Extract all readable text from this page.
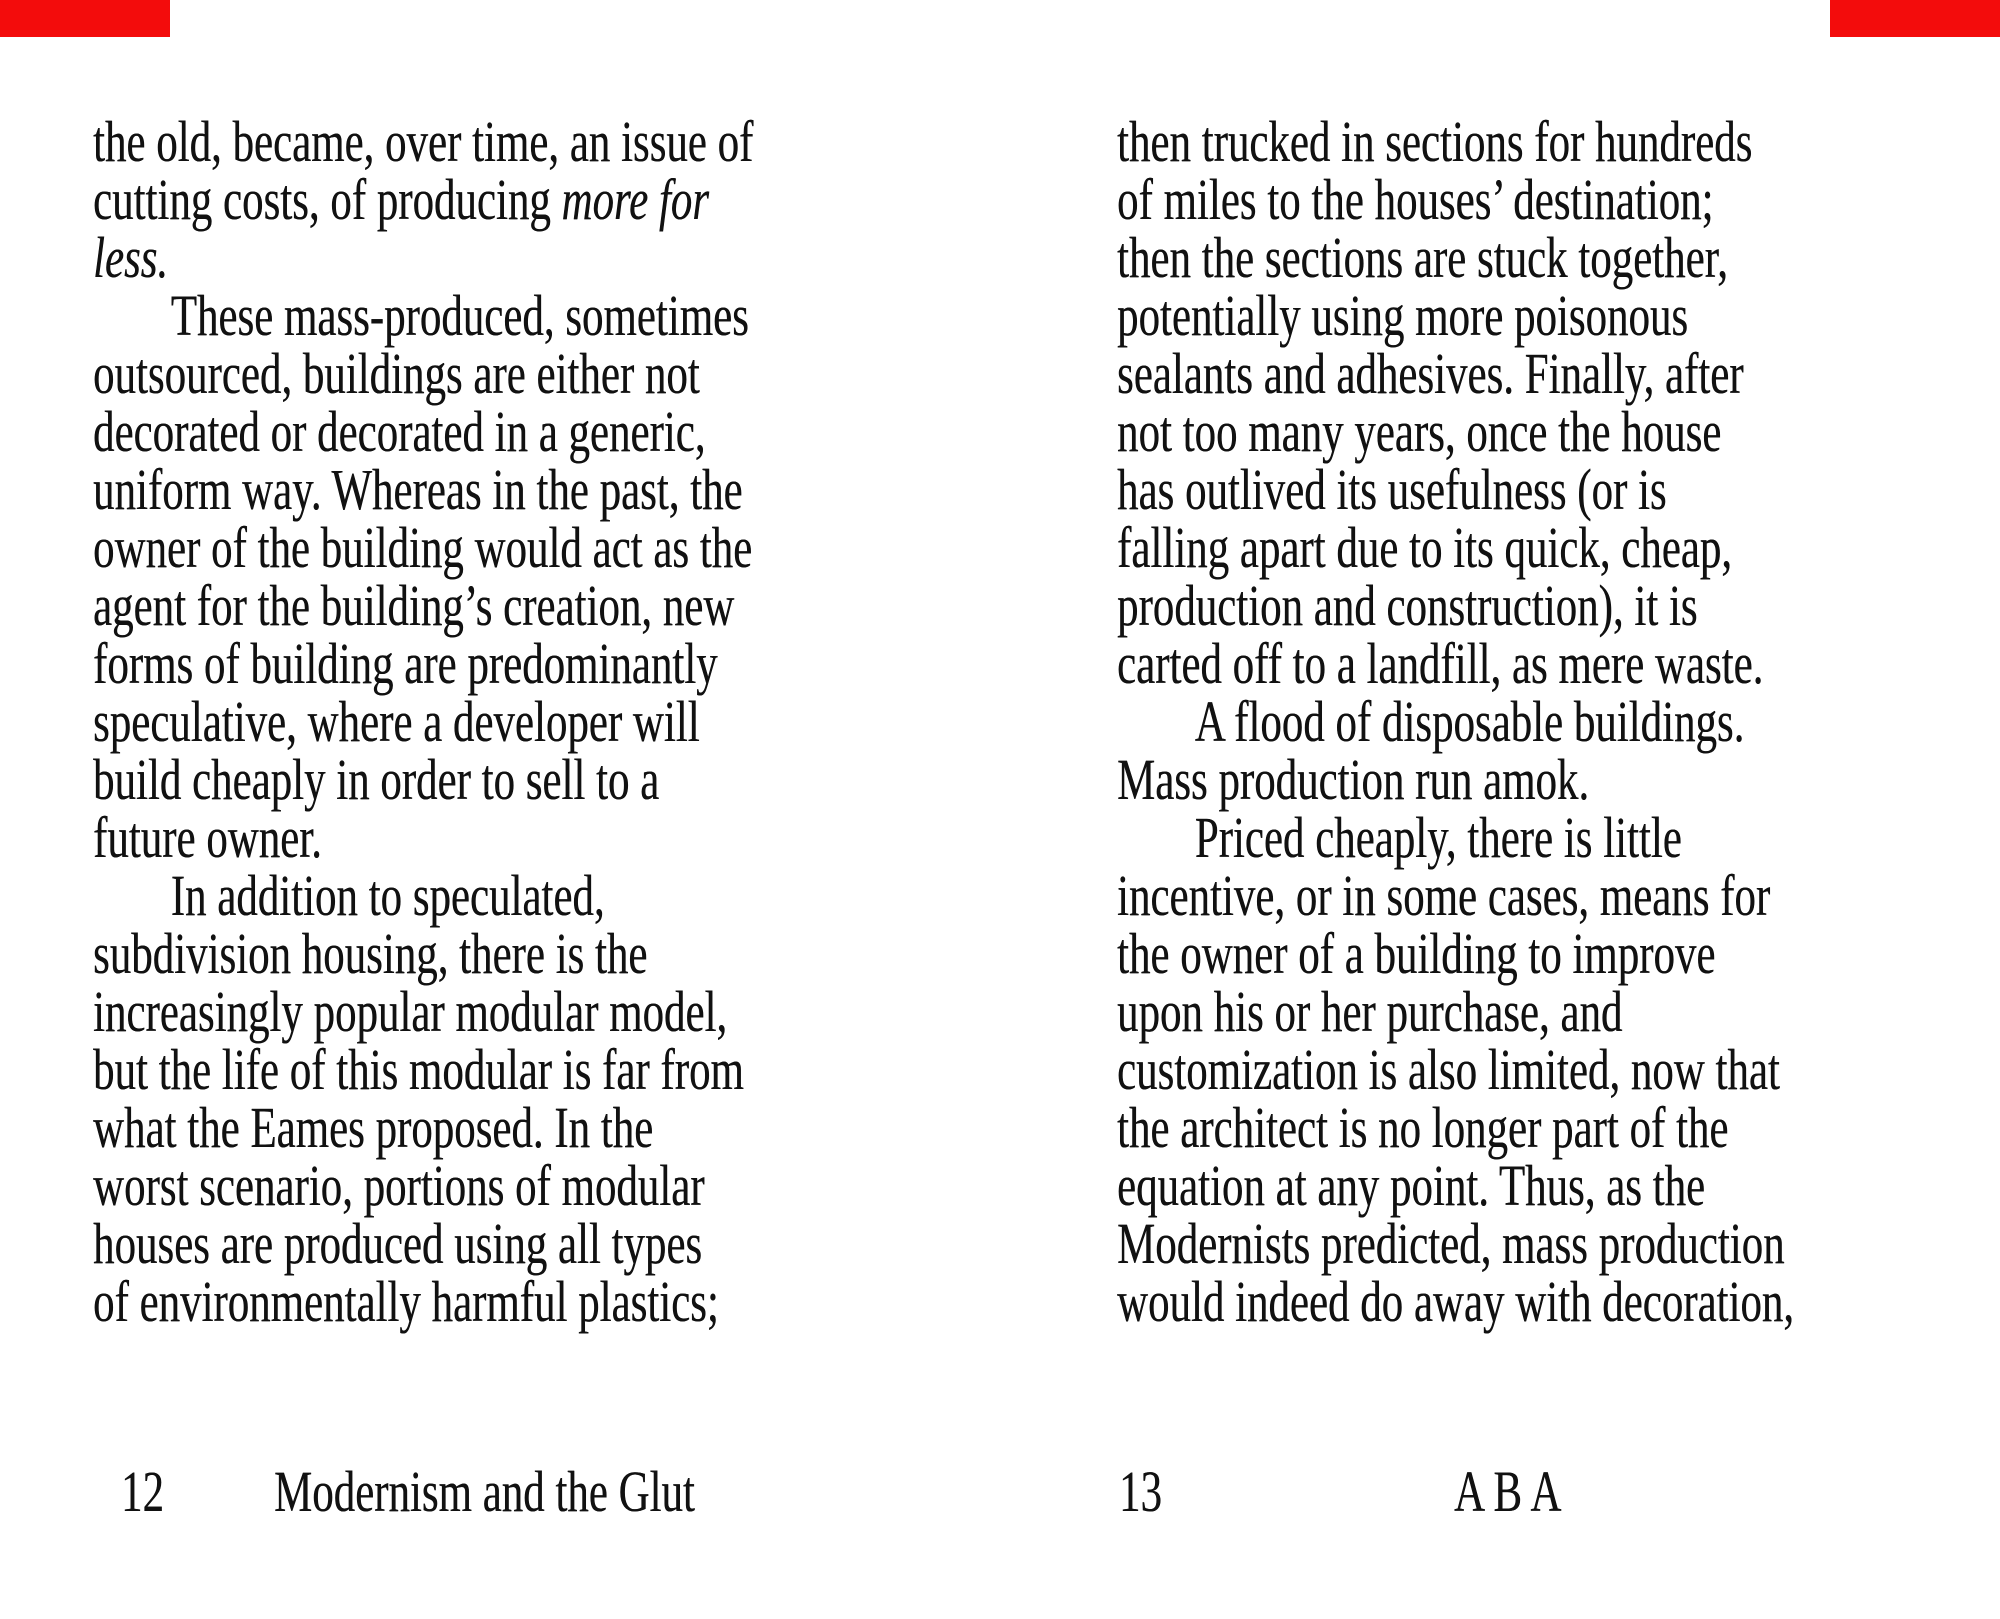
the old, became, over time, an issue of
cutting costs, of producing more for
less.
These mass-produced, sometimes
outsourced, buildings are either not
decorated or decorated in a generic,
uniform way. Whereas in the past, the
owner of the building would act as the
agent for the building’s creation, new
forms of building are predominantly
speculative, where a developer will
build cheaply in order to sell to a
future owner.
In addition to speculated,
subdivision housing, there is the
increasingly popular modular model,
but the life of this modular is far from
what the Eames proposed. In the
worst scenario, portions of modular
houses are produced using all types
of environmentally harmful plastics;
then trucked in sections for hundreds
of miles to the houses’ destination;
then the sections are stuck together,
potentially using more poisonous
sealants and adhesives. Finally, after
not too many years, once the house
has outlived its usefulness (or is
falling apart due to its quick, cheap,
production and construction), it is
carted off to a landfill, as mere waste.
A flood of disposable buildings.
Mass production run amok.
Priced cheaply, there is little
incentive, or in some cases, means for
the owner of a building to improve
upon his or her purchase, and
customization is also limited, now that
the architect is no longer part of the
equation at any point. Thus, as the
Modernists predicted, mass production
would indeed do away with decoration,
12 Modernism and the Glut	13	A B A
